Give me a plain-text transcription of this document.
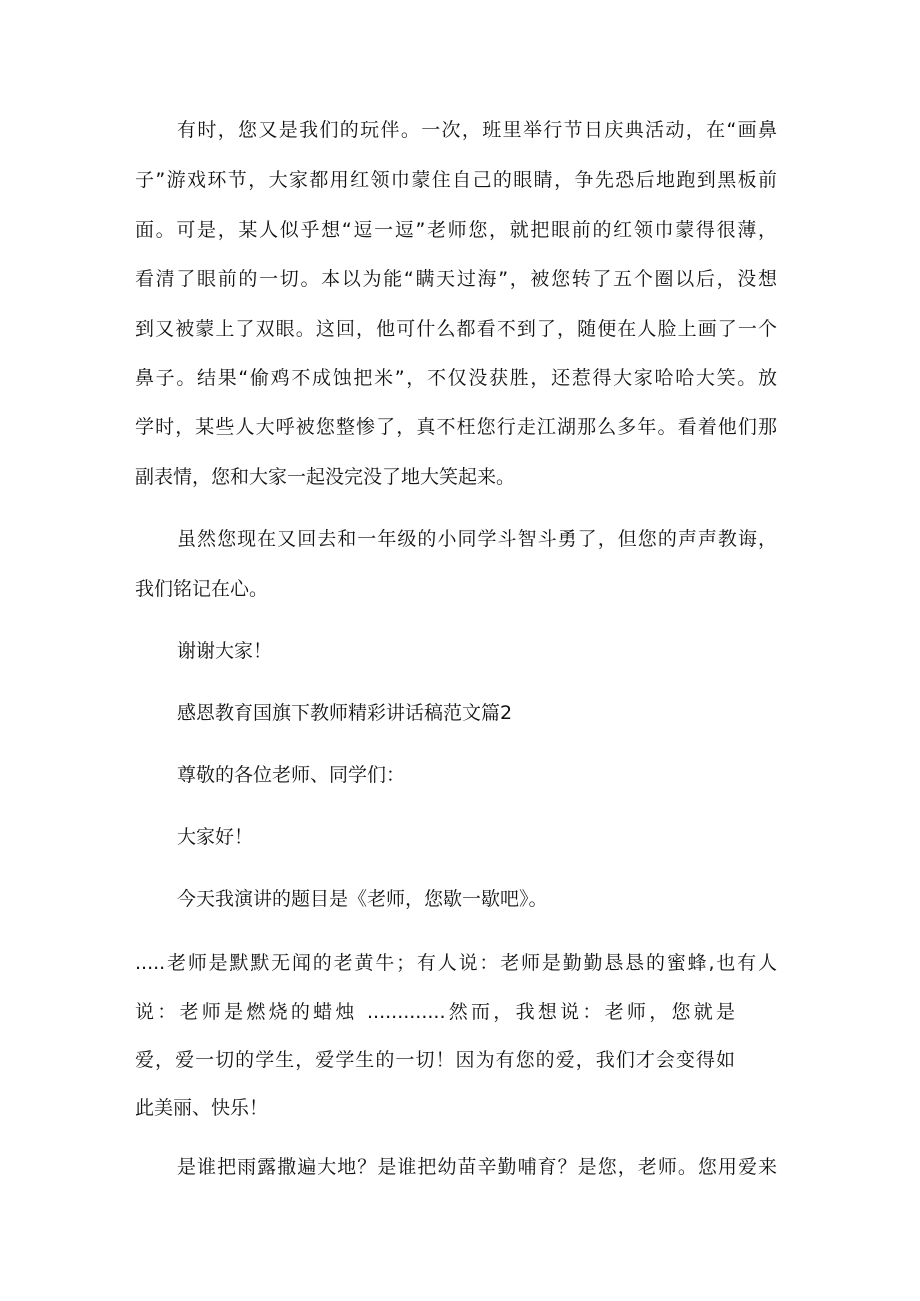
有时，您又是我们的玩伴。一次，班里举行节日庆典活动，在“画鼻
子”游戏环节，大家都用红领巾蒙住自己的眼睛，争先恐后地跑到黑板前
面。可是，某人似乎想“逗一逗”老师您，就把眼前的红领巾蒙得很薄，
看清了眼前的一切。本以为能“瞒天过海”，被您转了五个圈以后，没想
到又被蒙上了双眼。这回，他可什么都看不到了，随便在人脸上画了一个
鼻子。结果“偷鸡不成蚀把米”，不仅没获胜，还惹得大家哈哈大笑。放
学时，某些人大呼被您整惨了，真不枉您行走江湖那么多年。看着他们那
副表情，您和大家一起没完没了地大笑起来。
虽然您现在又回去和一年级的小同学斗智斗勇了，但您的声声教诲，
我们铭记在心。
谢谢大家！
感恩教育国旗下教师精彩讲话稿范文篇2
尊敬的各位老师、同学们：
大家好！
今天我演讲的题目是《老师，您歇一歇吧》。
.....老师是默默无闻的老黄牛；有人说：老师是勤勤恳恳的蜜蜂,也有人
说：老师是燃烧的蜡烛 .............然而，我想说：老师，您就是
爱，爱一切的学生，爱学生的一切！因为有您的爱，我们才会变得如
此美丽、快乐！
是谁把雨露撒遍大地？是谁把幼苗辛勤哺育？是您，老师。您用爱来
